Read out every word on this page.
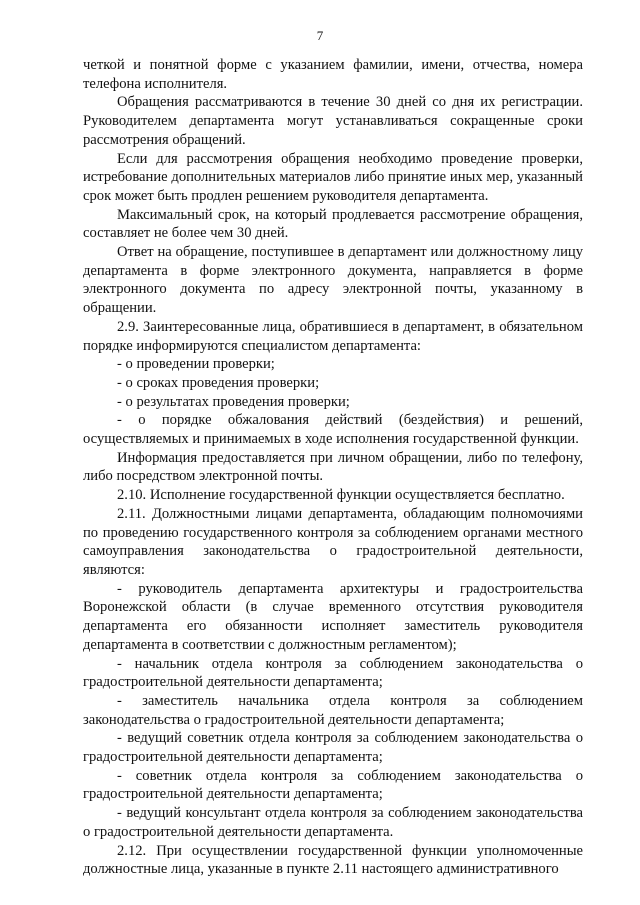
7

четкой и понятной форме с указанием фамилии, имени, отчества, номера телефона исполнителя.

Обращения рассматриваются в течение 30 дней со дня их регистрации. Руководителем департамента могут устанавливаться сокращенные сроки рассмотрения обращений.

Если для рассмотрения обращения необходимо проведение проверки, истребование дополнительных материалов либо принятие иных мер, указанный срок может быть продлен решением руководителя департамента.

Максимальный срок, на который продлевается рассмотрение обращения, составляет не более чем 30 дней.

Ответ на обращение, поступившее в департамент или должностному лицу департамента в форме электронного документа, направляется в форме электронного документа по адресу электронной почты, указанному в обращении.

2.9. Заинтересованные лица, обратившиеся в департамент, в обязательном порядке информируются специалистом департамента:

- о проведении проверки;

- о сроках проведения проверки;

- о результатах проведения проверки;

- о порядке обжалования действий (бездействия) и решений, осуществляемых и принимаемых в ходе исполнения государственной функции.

Информация предоставляется при личном обращении, либо по телефону, либо посредством электронной почты.

2.10. Исполнение государственной функции осуществляется бесплатно.

2.11. Должностными лицами департамента, обладающим полномочиями по проведению государственного контроля за соблюдением органами местного самоуправления законодательства о градостроительной деятельности, являются:

- руководитель департамента архитектуры и градостроительства Воронежской области (в случае временного отсутствия руководителя департамента его обязанности исполняет заместитель руководителя департамента в соответствии с должностным регламентом);

- начальник отдела контроля за соблюдением законодательства о градостроительной деятельности департамента;

- заместитель начальника отдела контроля за соблюдением законодательства о градостроительной деятельности департамента;

- ведущий советник отдела контроля за соблюдением законодательства о градостроительной деятельности департамента;

- советник отдела контроля за соблюдением законодательства о градостроительной деятельности департамента;

- ведущий консультант отдела контроля за соблюдением законодательства о градостроительной деятельности департамента.

2.12. При осуществлении государственной функции уполномоченные должностные лица, указанные в пункте 2.11 настоящего административного
